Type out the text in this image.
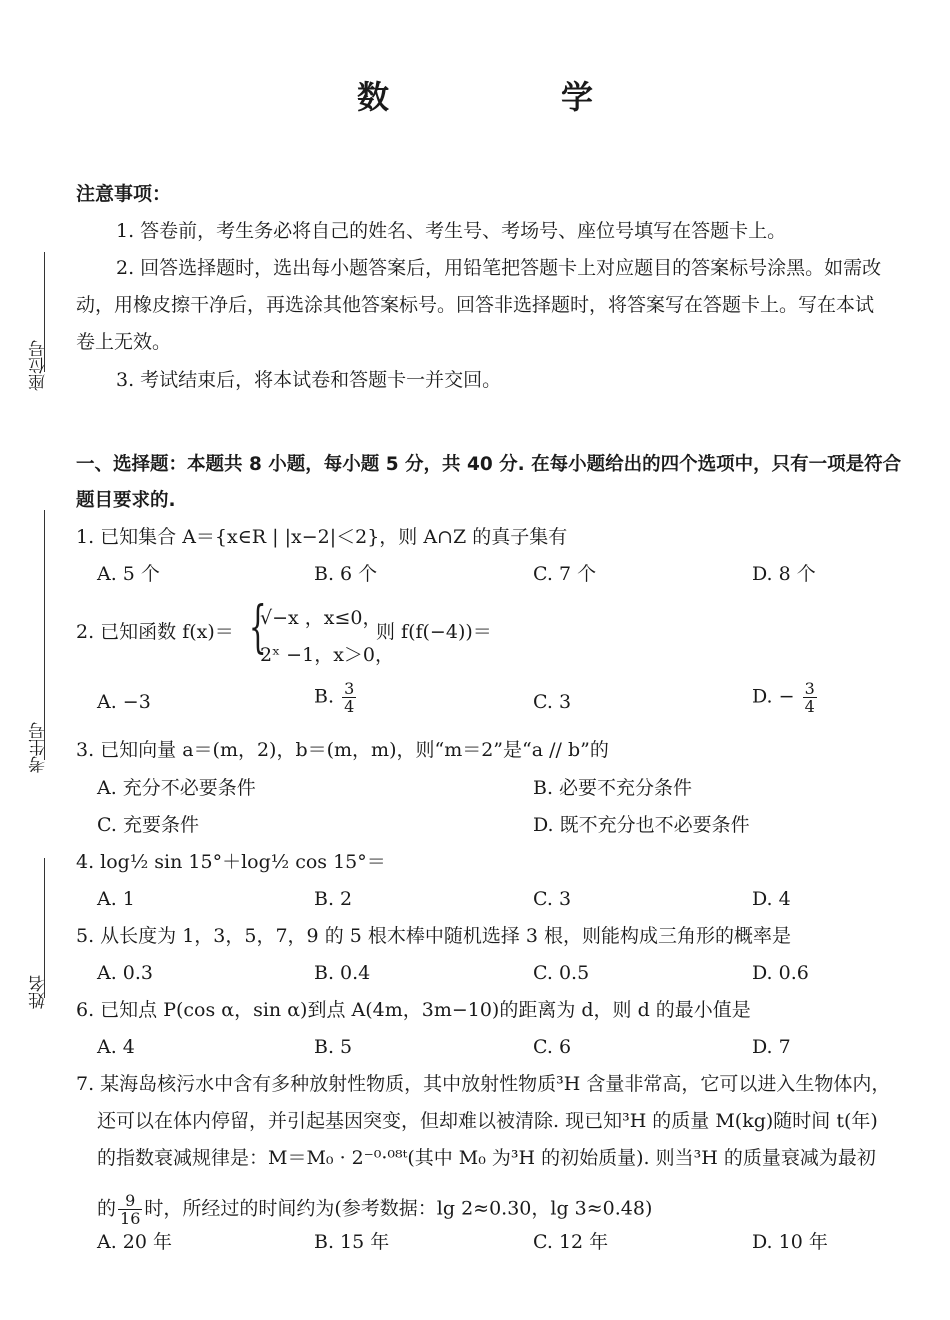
数　学
座位号
考生号
姓名
注意事项：
1. 答卷前，考生务必将自己的姓名、考生号、考场号、座位号填写在答题卡上。
2. 回答选择题时，选出每小题答案后，用铅笔把答题卡上对应题目的答案标号涂黑。如需改
动，用橡皮擦干净后，再选涂其他答案标号。回答非选择题时，将答案写在答题卡上。写在本试
卷上无效。
3. 考试结束后，将本试卷和答题卡一并交回。
一、选择题：本题共 8 小题，每小题 5 分，共 40 分. 在每小题给出的四个选项中，只有一项是符合
题目要求的.
1. 已知集合 A＝{x∈R | |x−2|＜2}，则 A∩Z 的真子集有
A. 5 个	B. 6 个	C. 7 个	D. 8 个
2. 已知函数 f(x)＝ {
√−x ，x≤0，
2ˣ −1，x＞0，
则 f(f(−4))＝
A. −3	B. $\frac{3}{4}$	C. 3	D. − $\frac{3}{4}$
3. 已知向量 a＝(m，2)，b＝(m，m)，则“m＝2”是“a // b”的
A. 充分不必要条件	B. 必要不充分条件
C. 充要条件	D. 既不充分也不必要条件
4. log½ sin 15°＋log½ cos 15°＝
A. 1	B. 2	C. 3	D. 4
5. 从长度为 1，3，5，7，9 的 5 根木棒中随机选择 3 根，则能构成三角形的概率是
A. 0.3	B. 0.4	C. 0.5	D. 0.6
6. 已知点 P(cos α，sin α)到点 A(4m，3m−10)的距离为 d，则 d 的最小值是
A. 4	B. 5	C. 6	D. 7
7. 某海岛核污水中含有多种放射性物质，其中放射性物质³H 含量非常高，它可以进入生物体内，
还可以在体内停留，并引起基因突变，但却难以被清除. 现已知³H 的质量 M(kg)随时间 t(年)
的指数衰减规律是：M＝M₀ · 2⁻⁰·⁰⁸ᵗ(其中 M₀ 为³H 的初始质量). 则当³H 的质量衰减为最初
的 $\frac{9}{16}$ 时，所经过的时间约为(参考数据：lg 2≈0.30，lg 3≈0.48)
A. 20 年	B. 15 年	C. 12 年	D. 10 年
